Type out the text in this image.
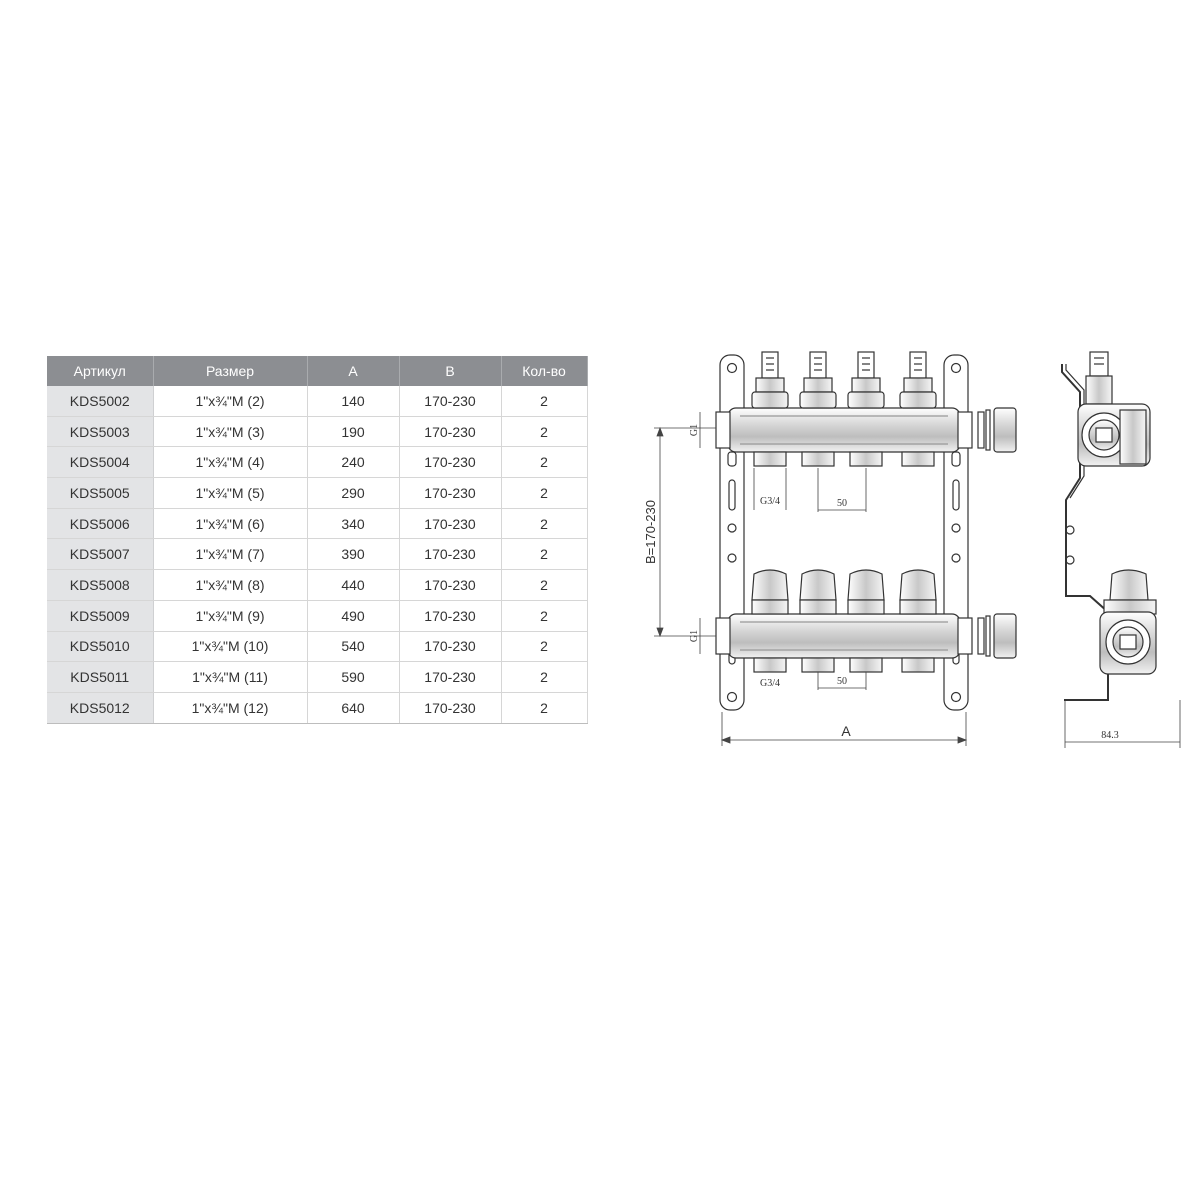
Артикул	Размер	A	B	Кол-во
KDS5002	1"x¾"M (2)	140	170-230	2
KDS5003	1"x¾"M (3)	190	170-230	2
KDS5004	1"x¾"M (4)	240	170-230	2
KDS5005	1"x¾"M (5)	290	170-230	2
KDS5006	1"x¾"M (6)	340	170-230	2
KDS5007	1"x¾"M (7)	390	170-230	2
KDS5008	1"x¾"M (8)	440	170-230	2
KDS5009	1"x¾"M (9)	490	170-230	2
KDS5010	1"x¾"M (10)	540	170-230	2
KDS5011	1"x¾"M (11)	590	170-230	2
KDS5012	1"x¾"M (12)	640	170-230	2
B=170-230
A
G1
G1
G3/4
G3/4
50
50
84.3
